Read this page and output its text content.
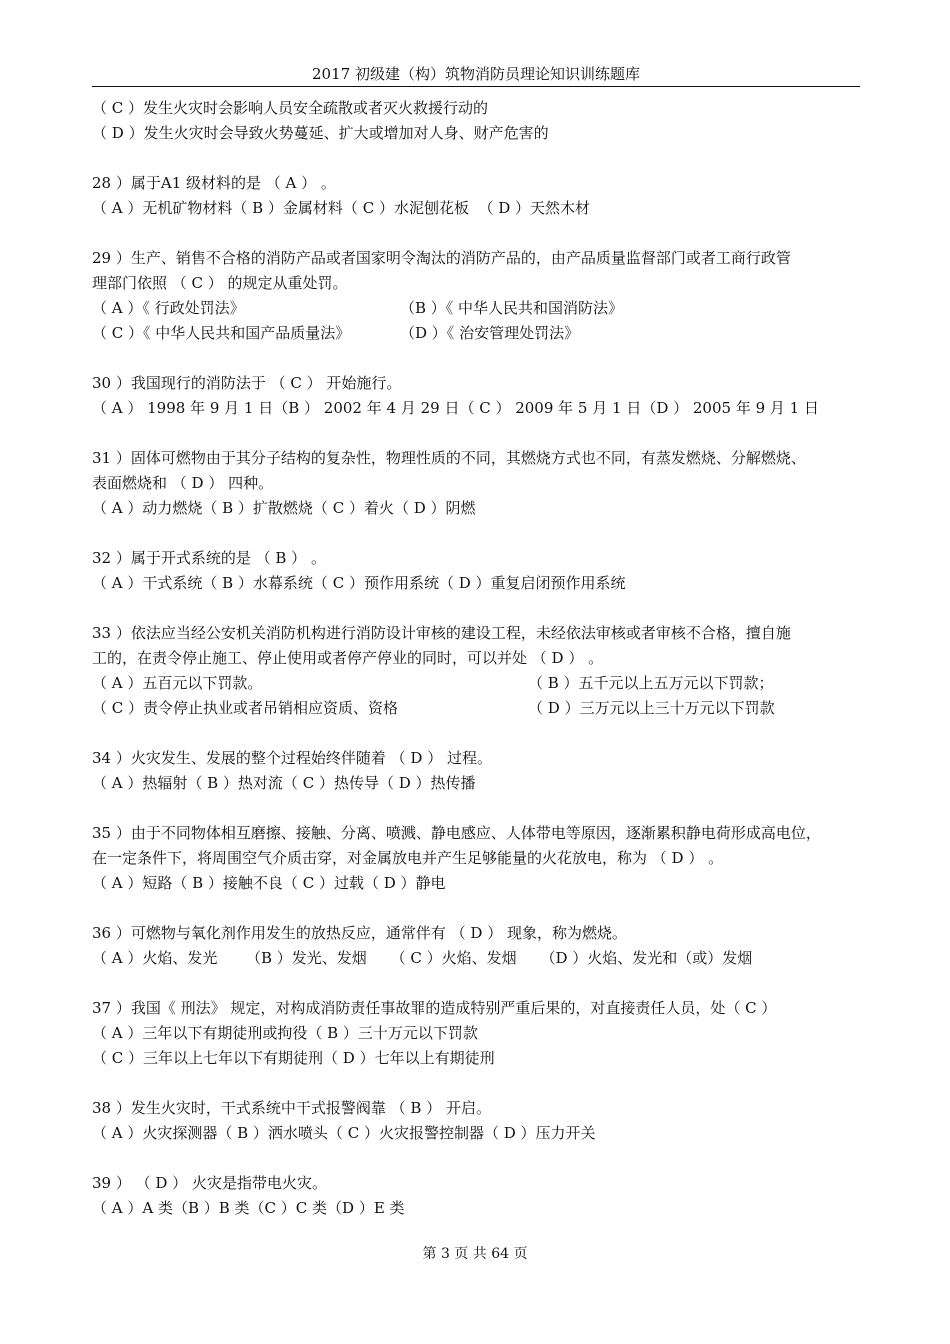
2017 初级建（构）筑物消防员理论知识训练题库
（ C ）发生火灾时会影响人员安全疏散或者灭火救援行动的
（ D ）发生火灾时会导致火势蔓延、扩大或增加对人身、财产危害的
28 ）属于A1 级材料的是 （ A ） 。
（ A ）无机矿物材料（ B ）金属材料（ C ）水泥刨花板  （ D ）天然木材
29 ）生产、销售不合格的消防产品或者国家明令淘汰的消防产品的，由产品质量监督部门或者工商行政管
理部门依照 （ C ） 的规定从重处罚。
（ A ）《 行政处罚法》	（B ）《 中华人民共和国消防法》
（ C ）《 中华人民共和国产品质量法》	（D ）《 治安管理处罚法》
30 ）我国现行的消防法于 （ C ） 开始施行。
（ A ） 1998 年 9 月 1 日（B ） 2002 年 4 月 29 日（ C ） 2009 年 5 月 1 日（D ） 2005 年 9 月 1 日
31 ）固体可燃物由于其分子结构的复杂性，物理性质的不同，其燃烧方式也不同，有蒸发燃烧、分解燃烧、
表面燃烧和 （ D ） 四种。
（ A ）动力燃烧（ B ）扩散燃烧（ C ）着火（ D ）阴燃
32 ）属于开式系统的是 （ B ） 。
（ A ）干式系统（ B ）水幕系统（ C ）预作用系统（ D ）重复启闭预作用系统
33 ）依法应当经公安机关消防机构进行消防设计审核的建设工程，未经依法审核或者审核不合格，擅自施
工的，在责令停止施工、停止使用或者停产停业的同时，可以并处 （ D ） 。
（ A ）五百元以下罚款。	（ B ）五千元以上五万元以下罚款；
（ C ）责令停止执业或者吊销相应资质、资格	（ D ）三万元以上三十万元以下罚款
34 ）火灾发生、发展的整个过程始终伴随着 （ D ） 过程。
（ A ）热辐射（ B ）热对流（ C ）热传导（ D ）热传播
35 ）由于不同物体相互磨擦、接触、分离、喷溅、静电感应、人体带电等原因，逐渐累积静电荷形成高电位，
在一定条件下，将周围空气介质击穿，对金属放电并产生足够能量的火花放电，称为 （ D ） 。
（ A ）短路（ B ）接触不良（ C ）过载（ D ）静电
36 ）可燃物与氧化剂作用发生的放热反应，通常伴有 （ D ） 现象，称为燃烧。
（ A ）火焰、发光      （B ）发光、发烟     （ C ）火焰、发烟     （D ）火焰、发光和（或）发烟
37 ）我国《 刑法》 规定，对构成消防责任事故罪的造成特别严重后果的，对直接责任人员，处（ C ）
（ A ）三年以下有期徒刑或拘役（ B ）三十万元以下罚款
（ C ）三年以上七年以下有期徒刑（ D ）七年以上有期徒刑
38 ）发生火灾时，干式系统中干式报警阀靠 （ B ） 开启。
（ A ）火灾探测器（ B ）洒水喷头（ C ）火灾报警控制器（ D ）压力开关
39 ） （ D ） 火灾是指带电火灾。
（ A ）A 类（B ）B 类（C ）C 类（D ）E 类
第 3 页 共 64 页
